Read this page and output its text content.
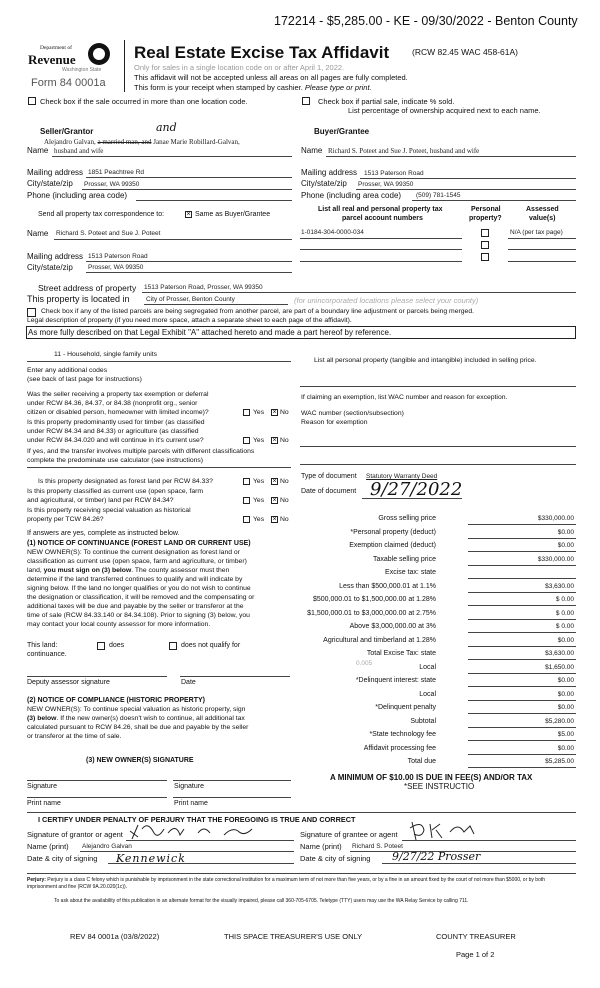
172214 - $5,285.00 - KE - 09/30/2022 - Benton County
Department of
Revenue
Washington State
Form 84 0001a
Real Estate Excise Tax Affidavit	(RCW 82.45 WAC 458-61A)
Only for sales in a single location code on or after April 1, 2022.
This affidavit will not be accepted unless all areas on all pages are fully completed.
This form is your receipt when stamped by cashier. Please type or print.
Check box if the sale occurred in more than one location code.	Check box if partial sale, indicate % sold.
List percentage of ownership acquired next to each name.
Seller/Grantor	and
Alejandro Galvan, a married man, and Janae Marie Robillard-Galvan,
Name husband and wife
Mailing address 1851 Peachtree Rd
City/state/zip Prosser, WA 99350
Phone (including area code)
Buyer/Grantee
Name Richard S. Poteet and Sue J. Poteet, husband and wife
Mailing address 1513 Paterson Road
City/state/zip Prosser, WA 99350
Phone (including area code) (509) 781-1545
Send all property tax correspondence to:	× Same as Buyer/Grantee
Name Richard S. Poteet and Sue J. Poteet
Mailing address 1513 Paterson Road
City/state/zip Prosser, WA 99350
List all real and personal property tax
parcel account numbers
Personal
property?
Assessed
value(s)
1-0184-304-0000-034	N/A (per tax page)
Street address of property 1513 Paterson Road, Prosser, WA 99350
This property is located in	City of Prosser, Benton County	(for unincorporated locations please select your county)
Check box if any of the listed parcels are being segregated from another parcel, are part of a boundary line adjustment or parcels being merged.
Legal description of property (if you need more space, attach a separate sheet to each page of the affidavit).
As more fully described on that Legal Exhibit "A" attached hereto and made a part hereof by reference.
11 - Household, single family units
Enter any additional codes
(see back of last page for instructions)
Was the seller receiving a property tax exemption or deferral
under RCW 84.36, 84.37, or 84.38 (nonprofit org., senior
citizen or disabled person, homeowner with limited income)?	Yes × No
Is this property predominantly used for timber (as classified
under RCW 84.34 and 84.33) or agriculture (as classified
under RCW 84.34.020 and will continue in it's current use?	Yes × No
If yes, and the transfer involves multiple parcels with different classifications
complete the predominate use calculator (see instructions)
Is this property designated as forest land per RCW 84.33?	Yes × No
Is this property classified as current use (open space, farm
and agricultural, or timber) land per RCW 84.34?	Yes × No
Is this property receiving special valuation as historical
property per TCW 84.26?	Yes × No
If answers are yes, complete as instructed below.
(1) NOTICE OF CONTINUANCE (FOREST LAND OR CURRENT USE)
NEW OWNER(S): To continue the current designation as forest land or
classification as current use (open space, farm and agriculture, or timber)
land, you must sign on (3) below. The county assessor must then
determine if the land transferred continues to qualify and will indicate by
signing below. If the land no longer qualifies or you do not wish to continue
the designation or classification, it will be removed and the compensating or
additional taxes will be due and payable by the seller or transferor at the
time of sale (RCW 84.33.140 or 84.34.108). Prior to signing (3) below, you
may contact your local county assessor for more information.
This land:	does	does not qualify for
continuance.
Deputy assessor signature	Date
(2) NOTICE OF COMPLIANCE (HISTORIC PROPERTY)
NEW OWNER(S): To continue special valuation as historic property, sign
(3) below. If the new owner(s) doesn't wish to continue, all additional tax
calculated pursuant to RCW 84.26, shall be due and payable by the seller
or transferor at the time of sale.
(3) NEW OWNER(S) SIGNATURE
Signature	Signature
Print name	Print name
List all personal property (tangible and intangible) included in selling price.
If claiming an exemption, list WAC number and reason for exception.
WAC number (section/subsection)
Reason for exemption
Type of document Statutory Warranty Deed
Date of document 9/27/2022
Gross selling price	$330,000.00
*Personal property (deduct)	$0.00
Exemption claimed (deduct)	$0.00
Taxable selling price	$330,000.00
Excise tax: state
Less than $500,000.01 at 1.1%	$3,630.00
$500,000.01 to $1,500,000.00 at 1.28%	$ 0.00
$1,500,000.01 to $3,000,000.00 at 2.75%	$ 0.00
Above $3,000,000.00 at 3%	$ 0.00
Agricultural and timberland at 1.28%	$0.00
Total Excise Tax: state	$3,630.00
Local	$1,650.00
*Delinquent interest: state	$0.00
Local	$0.00
*Delinquent penalty	$0.00
Subtotal	$5,280.00
*State technology fee	$5.00
Affidavit processing fee	$0.00
Total due	$5,285.00
0.005
A MINIMUM OF $10.00 IS DUE IN FEE(S) AND/OR TAX
*SEE INSTRUCTIO
I CERTIFY UNDER PENALTY OF PERJURY THAT THE FOREGOING IS TRUE AND CORRECT
Signature of grantor or agent
Name (print) Alejandro Galvan
Date & city of signing Kennewick
Signature of grantee or agent
Name (print) Richard S. Poteet
Date & city of signing 9/27/22 Prosser
Perjury: Perjury is a class C felony which is punishable by imprisonment in the state correctional institution for a maximum term of not more than five years, or by a fine in an amount fixed by the court of not more than $5000, or by both imprisonment and fine (RCW 9A.20.020(1c)).
To ask about the availability of this publication in an alternate format for the visually impaired, please call 360-705-6705. Teletype (TTY) users may use the WA Relay Service by calling 711.
REV 84 0001a (03/8/2022)	THIS SPACE TREASURER'S USE ONLY	COUNTY TREASURER
Page 1 of 2
